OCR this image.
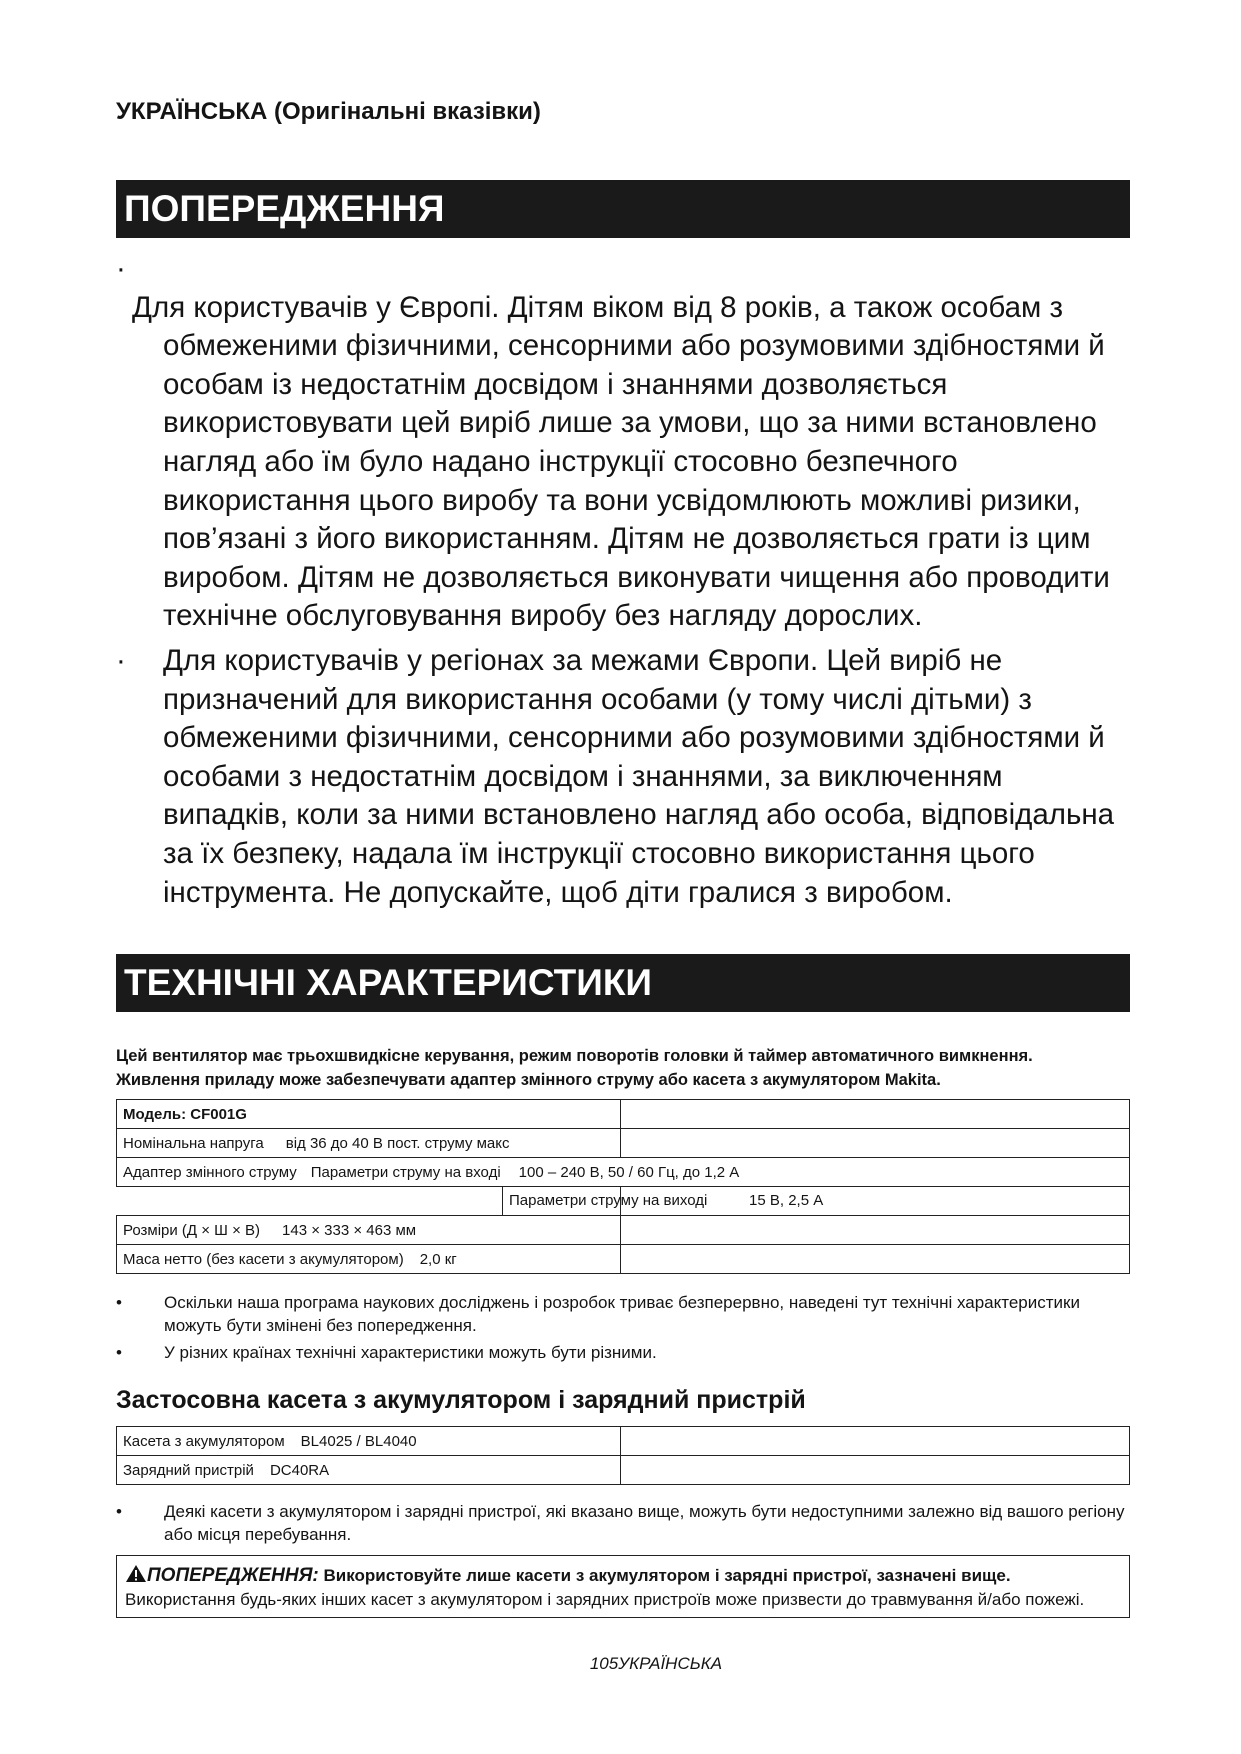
УКРАЇНСЬКА (Оригінальні вказівки)
ПОПЕРЕДЖЕННЯ
·
Для користувачів у Європі. Дітям віком від 8 років, а також особам з обмеженими фізичними, сенсорними або розумовими здібностями й особам із недостатнім досвідом і знаннями дозволяється використовувати цей виріб лише за умови, що за ними встановлено нагляд або їм було надано інструкції стосовно безпечного використання цього виробу та вони усвідомлюють можливі ризики, пов’язані з його використанням. Дітям не дозволяється грати із цим виробом. Дітям не дозволяється виконувати чищення або проводити технічне обслуговування виробу без нагляду дорослих.
· Для користувачів у регіонах за межами Європи. Цей виріб не призначений для використання особами (у тому числі дітьми) з обмеженими фізичними, сенсорними або розумовими здібностями й особами з недостатнім досвідом і знаннями, за виключенням випадків, коли за ними встановлено нагляд або особа, відповідальна за їх безпеку, надала їм інструкції стосовно використання цього інструмента. Не допускайте, щоб діти гралися з виробом.
ТЕХНІЧНІ ХАРАКТЕРИСТИКИ
Цей вентилятор має трьохшвидкісне керування, режим поворотів головки й таймер автоматичного вимкнення.
Живлення приладу може забезпечувати адаптер змінного струму або касета з акумулятором Makita.
Модель: CF001G	
Номінальна напруга від 36 до 40 В пост. струму макс	
Адаптер змінного струму Параметри струму на вході 100 – 240 В, 50 / 60 Гц, до 1,2 А	
	Параметри струму на виході 15 В, 2,5 А
Розміри (Д × Ш × В) 143 × 333 × 463 мм	
Маса нетто (без касети з акумулятором) 2,0 кг	
• Оскільки наша програма наукових досліджень і розробок триває безперервно, наведені тут технічні характеристики можуть бути змінені без попередження.
• У різних країнах технічні характеристики можуть бути різними.
Застосовна касета з акумулятором і зарядний пристрій
Касета з акумулятором BL4025 / BL4040	
Зарядний пристрій DC40RA	
• Деякі касети з акумулятором і зарядні пристрої, які вказано вище, можуть бути недоступними залежно від вашого регіону або місця перебування.
ПОПЕРЕДЖЕННЯ: Використовуйте лише касети з акумулятором і зарядні пристрої, зазначені вище. Використання будь-яких інших касет з акумулятором і зарядних пристроїв може призвести до травмування й/або пожежі.
105УКРАЇНСЬКА
